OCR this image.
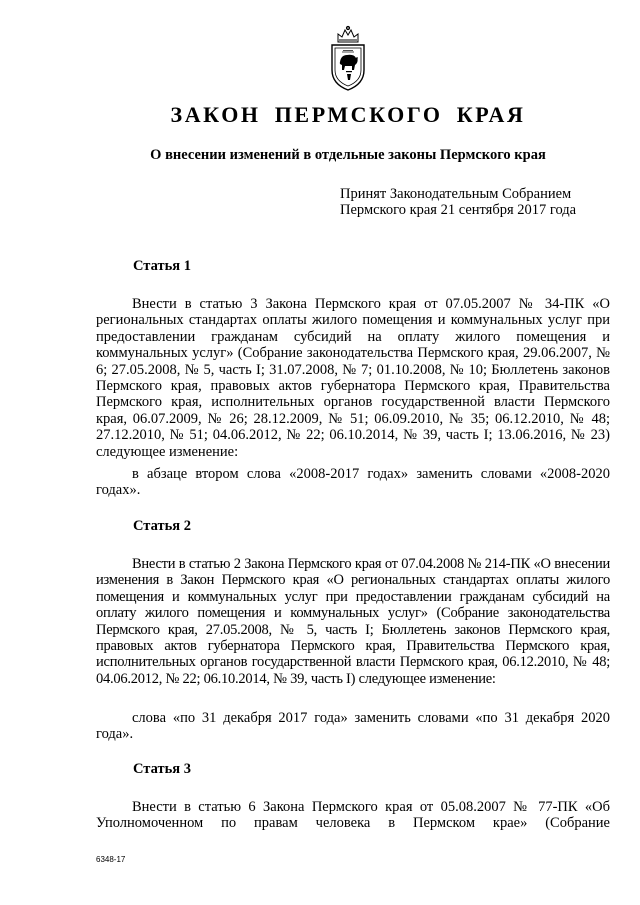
ЗАКОН ПЕРМСКОГО КРАЯ
О внесении изменений в отдельные законы Пермского края
Принят Законодательным Собранием
Пермского края 21 сентября 2017 года
Статья 1
Внести в статью 3 Закона Пермского края от 07.05.2007 № 34-ПК «О региональных стандартах оплаты жилого помещения и коммунальных услуг при предоставлении гражданам субсидий на оплату жилого помещения и коммунальных услуг» (Собрание законодательства Пермского края, 29.06.2007, № 6; 27.05.2008, № 5, часть I; 31.07.2008, № 7; 01.10.2008, № 10; Бюллетень законов Пермского края, правовых актов губернатора Пермского края, Правительства Пермского края, исполнительных органов государственной власти Пермского края, 06.07.2009, № 26; 28.12.2009, № 51; 06.09.2010, № 35; 06.12.2010, № 48; 27.12.2010, № 51; 04.06.2012, № 22; 06.10.2014, № 39, часть I; 13.06.2016, № 23) следующее изменение:
в абзаце втором слова «2008-2017 годах» заменить словами «2008-2020 годах».
Статья 2
Внести в статью 2 Закона Пермского края от 07.04.2008 № 214-ПК «О внесении изменения в Закон Пермского края «О региональных стандартах оплаты жилого помещения и коммунальных услуг при предоставлении гражданам субсидий на оплату жилого помещения и коммунальных услуг» (Собрание законодательства Пермского края, 27.05.2008, № 5, часть I; Бюллетень законов Пермского края, правовых актов губернатора Пермского края, Правительства Пермского края, исполнительных органов государственной власти Пермского края, 06.12.2010, № 48; 04.06.2012, № 22; 06.10.2014, № 39, часть I) следующее изменение:
слова «по 31 декабря 2017 года» заменить словами «по 31 декабря 2020 года».
Статья 3
Внести в статью 6 Закона Пермского края от 05.08.2007 № 77-ПК «Об Уполномоченном по правам человека в Пермском крае» (Собрание
6348-17
